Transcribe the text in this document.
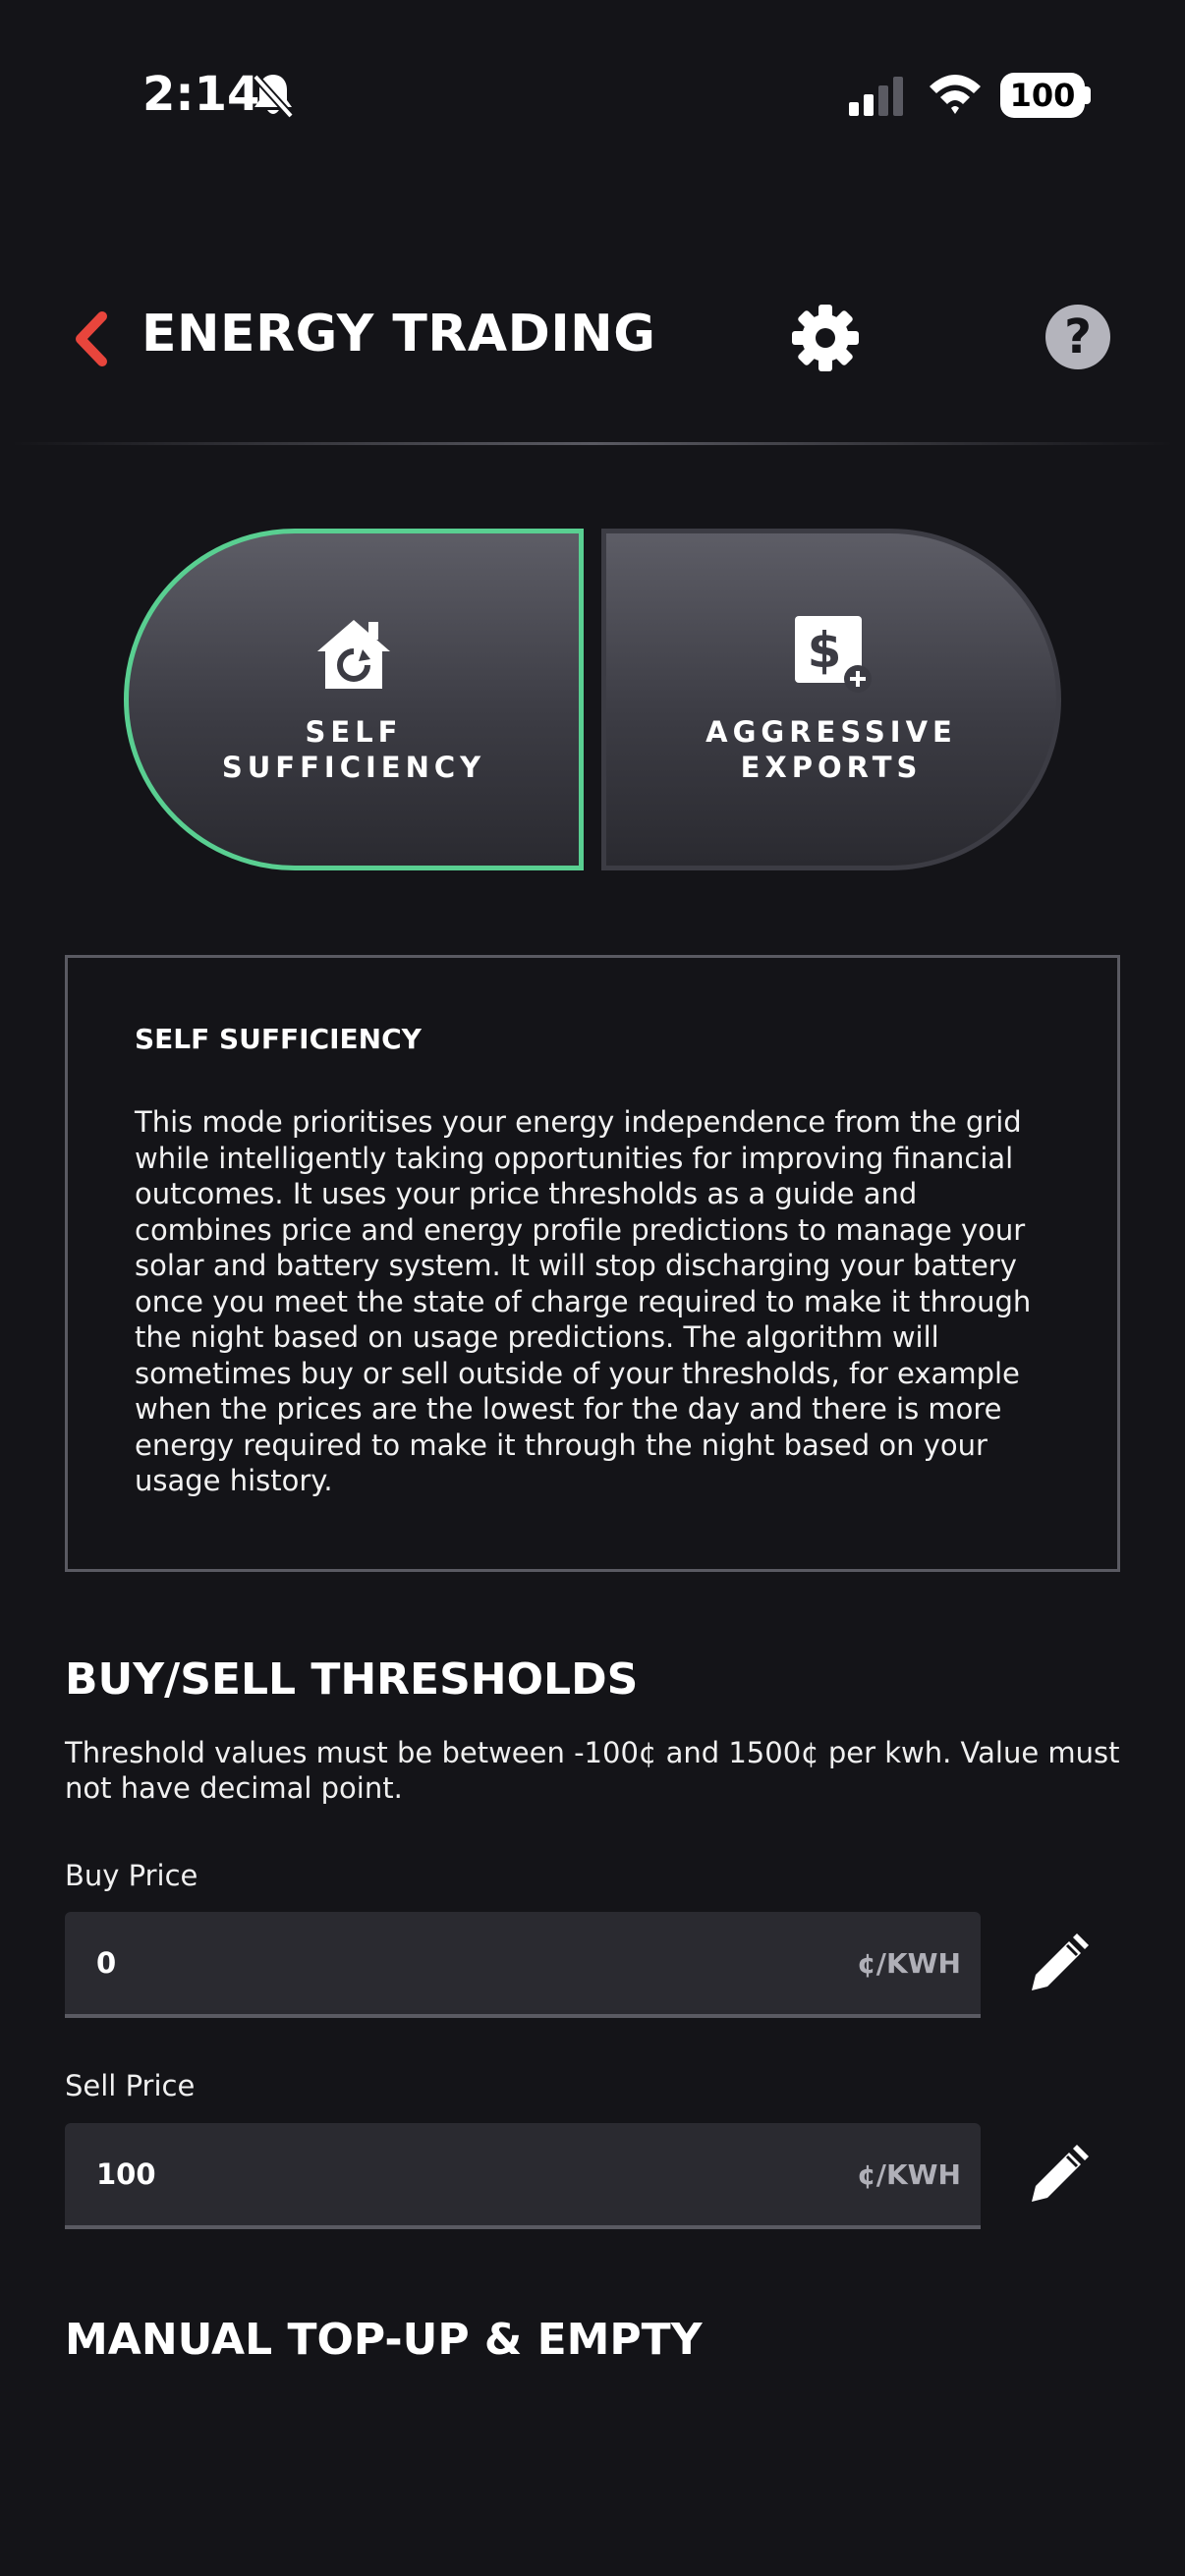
2:14	100
ENERGY TRADING	?
SELF
SUFFICIENCY
$
AGGRESSIVE
EXPORTS

SELF SUFFICIENCY

This mode prioritises your energy independence from the grid while intelligently taking opportunities for improving financial outcomes. It uses your price thresholds as a guide and combines price and energy profile predictions to manage your solar and battery system. It will stop discharging your battery once you meet the state of charge required to make it through the night based on usage predictions. The algorithm will sometimes buy or sell outside of your thresholds, for example when the prices are the lowest for the day and there is more energy required to make it through the night based on your usage history.

BUY/SELL THRESHOLDS
Threshold values must be between -100¢ and 1500¢ per kwh. Value must not have decimal point.
Buy Price
0	¢/KWH
Sell Price
100	¢/KWH
MANUAL TOP-UP & EMPTY
